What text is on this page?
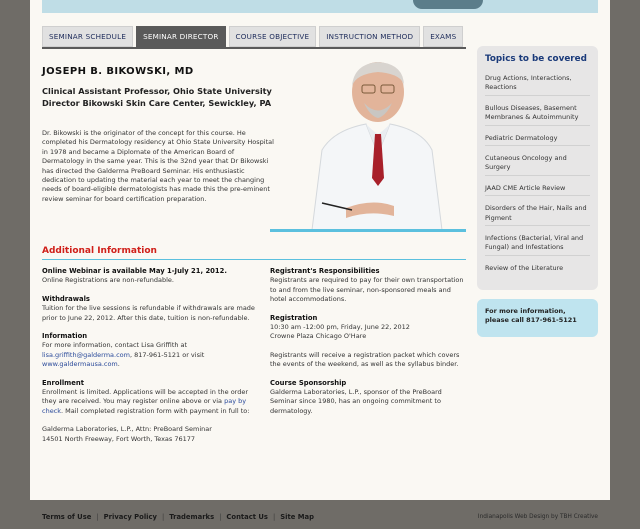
SEMINAR SCHEDULE	SEMINAR DIRECTOR	COURSE OBJECTIVE	INSTRUCTION METHOD	EXAMS
JOSEPH B. BIKOWSKI, MD
Clinical Assistant Professor, Ohio State University Director Bikowski Skin Care Center, Sewickley, PA
Dr. Bikowski is the originator of the concept for this course. He completed his Dermatology residency at Ohio State University Hospital in 1978 and became a Diplomate of the American Board of Dermatology in the same year. This is the 32nd year that Dr Bikowski has directed the Galderma PreBoard Seminar. His enthusiastic dedication to updating the material each year to meet the changing needs of board-eligible dermatologists has made this the pre-eminent review seminar for board certification preparation.
Additional Information
Online Webinar is available May 1-July 21, 2012.
Online Registrations are non-refundable.
Withdrawals
Tuition for the live sessions is refundable if withdrawals are made prior to June 22, 2012. After this date, tuition is non-refundable.
Information
For more information, contact Lisa Griffith at lisa.griffith@galderma.com, 817-961-5121 or visit www.galdermausa.com.
Enrollment
Enrollment is limited. Applications will be accepted in the order they are received. You may register online above or via pay by check. Mail completed registration form with payment in full to:
Galderma Laboratories, L.P., Attn: PreBoard Seminar
14501 North Freeway, Fort Worth, Texas 76177
Registrant's Responsibilities
Registrants are required to pay for their own transportation to and from the live seminar, non-sponsored meals and hotel accommodations.
Registration
10:30 am -12:00 pm, Friday, June 22, 2012
Crowne Plaza Chicago O'Hare
Registrants will receive a registration packet which covers the events of the weekend, as well as the syllabus binder.
Course Sponsorship
Galderma Laboratories, L.P., sponsor of the PreBoard Seminar since 1980, has an ongoing commitment to dermatology.
Topics to be covered
Drug Actions, Interactions, Reactions
Bullous Diseases, Basement Membranes & Autoimmunity
Pediatric Dermatology
Cutaneous Oncology and Surgery
JAAD CME Article Review
Disorders of the Hair, Nails and Pigment
Infections (Bacterial, Viral and Fungal) and Infestations
Review of the Literature
For more information, please call 817-961-5121
Terms of Use | Privacy Policy | Trademarks | Contact Us | Site Map	Indianapolis Web Design by TBH Creative
